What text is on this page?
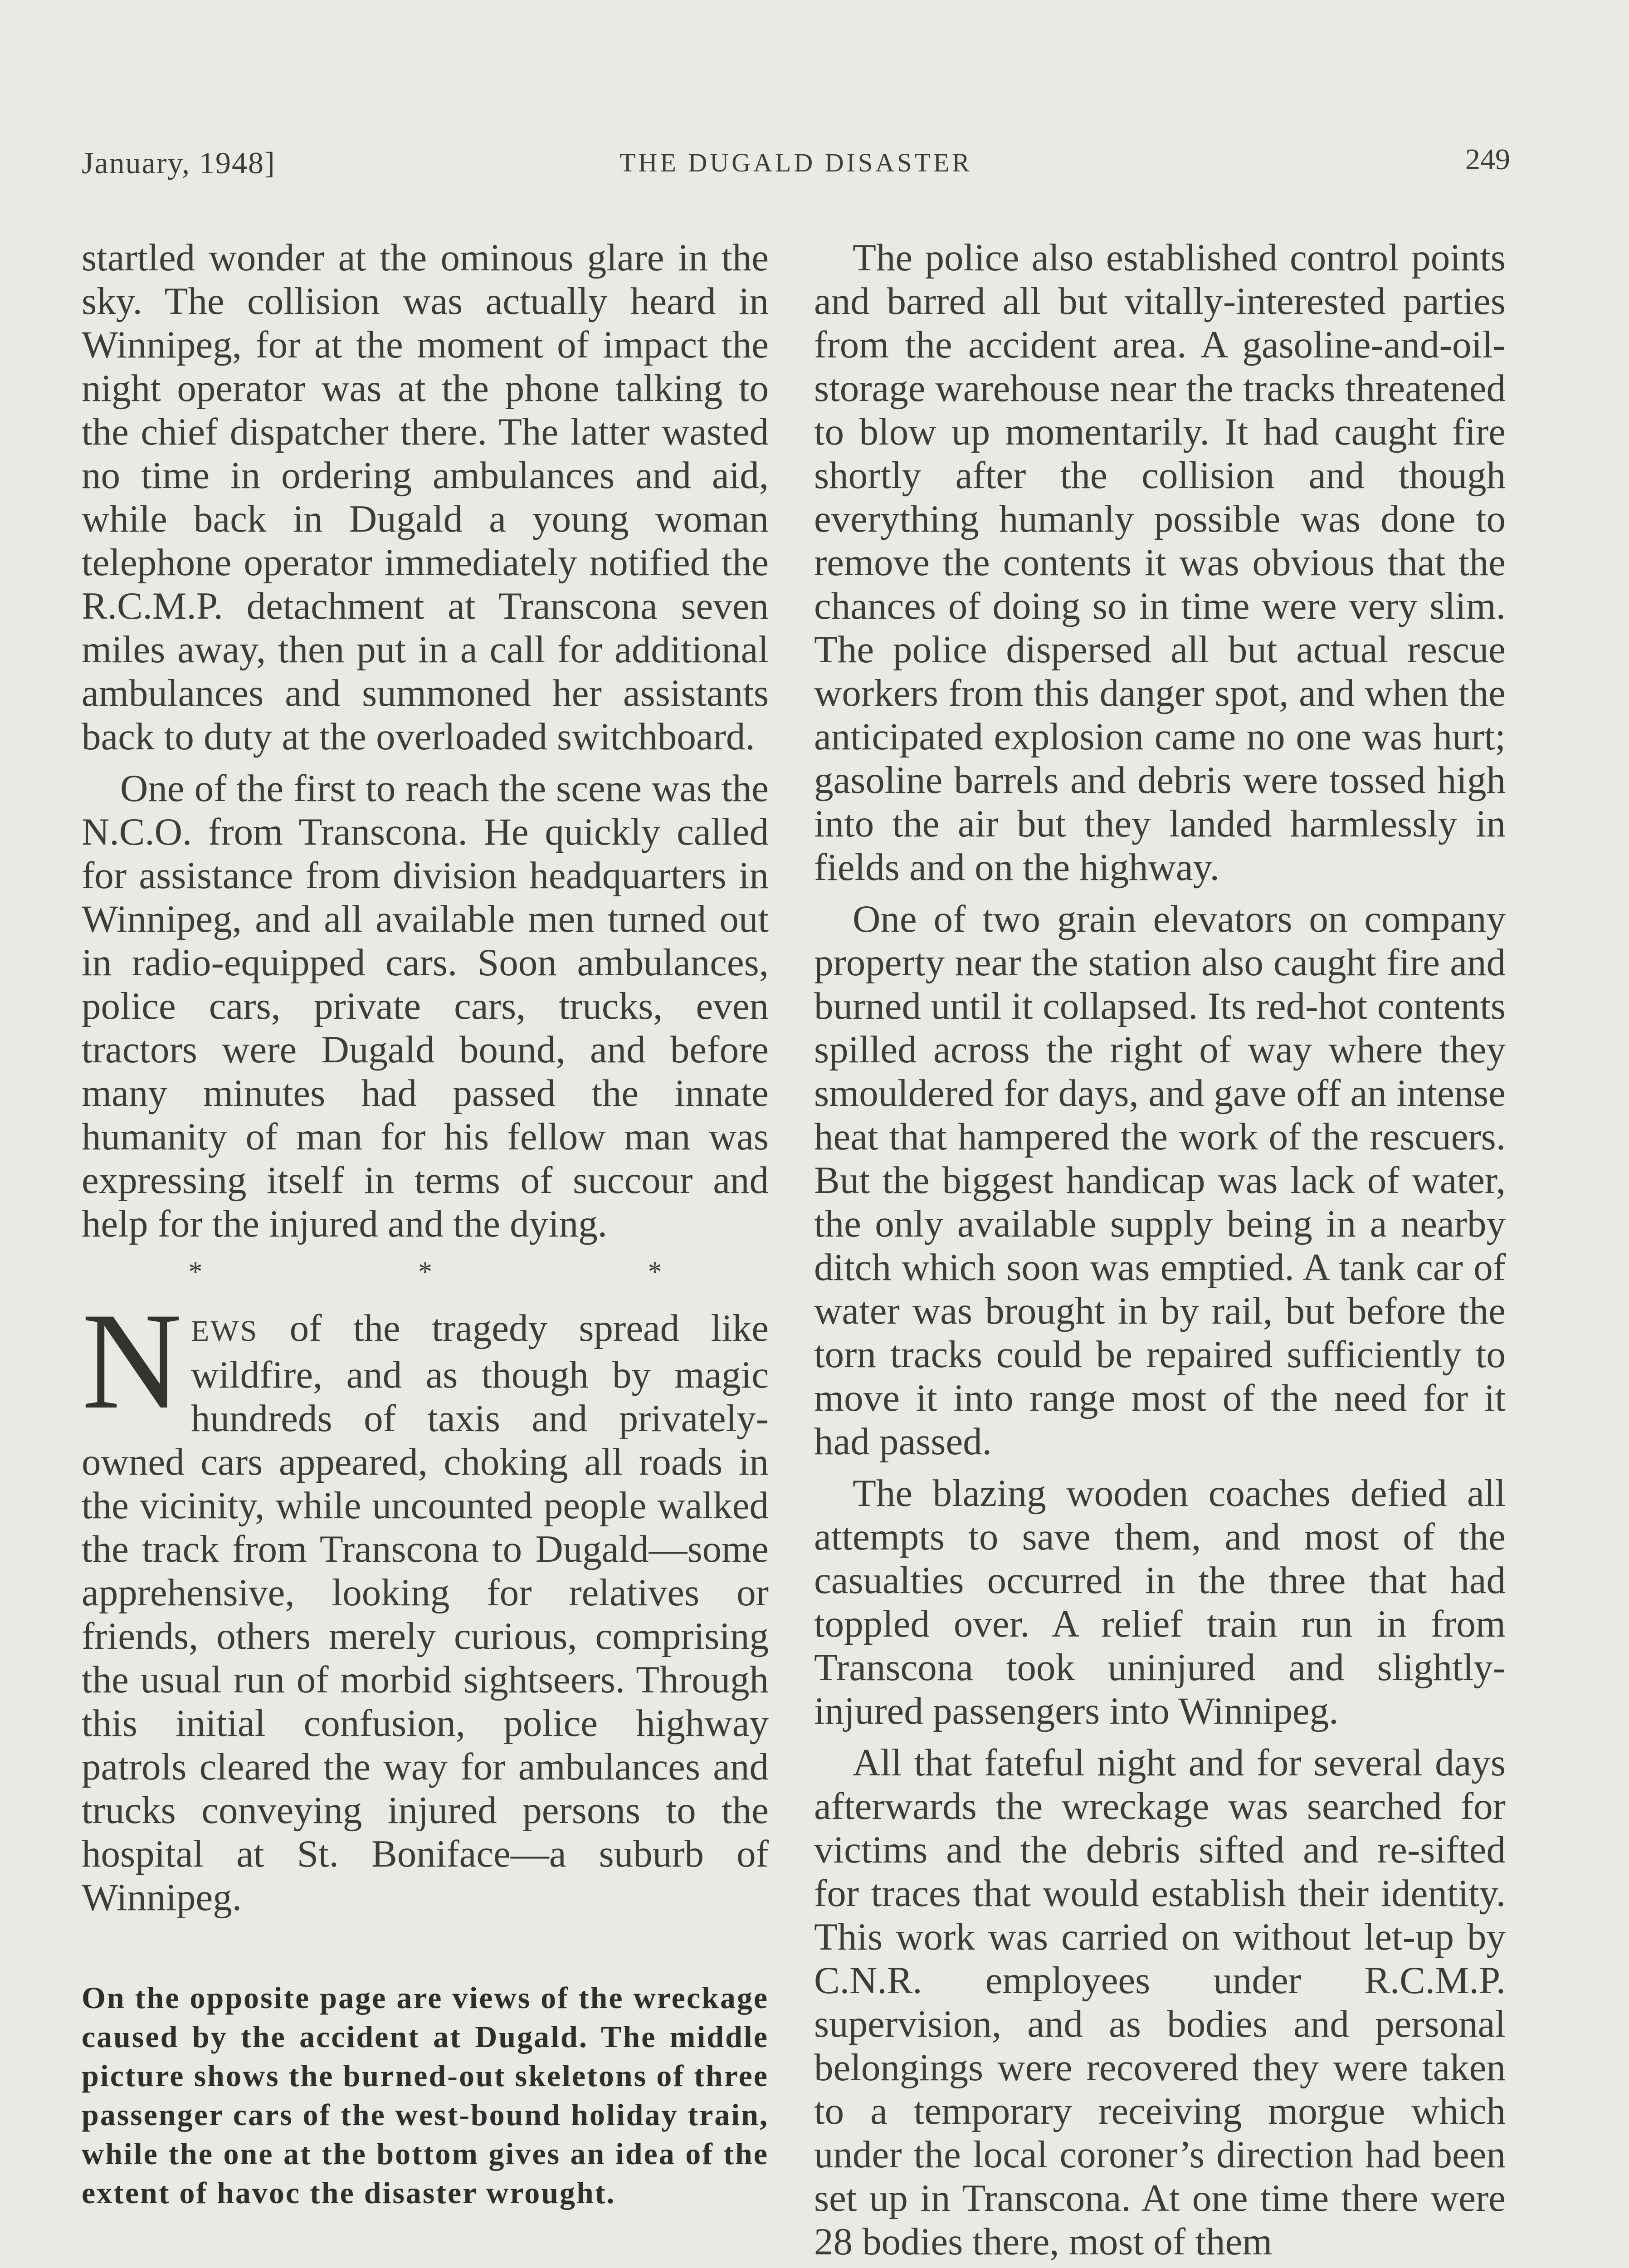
January, 1948]	THE DUGALD DISASTER	249

startled wonder at the ominous glare in the sky. The collision was actually heard in Winnipeg, for at the moment of impact the night operator was at the phone talking to the chief dispatcher there. The latter wasted no time in ordering ambulances and aid, while back in Dugald a young woman telephone operator immediately notified the R.C.M.P. detachment at Transcona seven miles away, then put in a call for additional ambulances and summoned her assistants back to duty at the overloaded switchboard.

One of the first to reach the scene was the N.C.O. from Transcona. He quickly called for assistance from division headquarters in Winnipeg, and all available men turned out in radio-equipped cars. Soon ambulances, police cars, private cars, trucks, even tractors were Dugald bound, and before many minutes had passed the innate humanity of man for his fellow man was expressing itself in terms of succour and help for the injured and the dying.

* * *

NEWS of the tragedy spread like wildfire, and as though by magic hundreds of taxis and privately-owned cars appeared, choking all roads in the vicinity, while uncounted people walked the track from Transcona to Dugald—some apprehensive, looking for relatives or friends, others merely curious, comprising the usual run of morbid sightseers. Through this initial confusion, police highway patrols cleared the way for ambulances and trucks conveying injured persons to the hospital at St. Boniface—a suburb of Winnipeg.

On the opposite page are views of the wreckage caused by the accident at Dugald. The middle picture shows the burned-out skeletons of three passenger cars of the west-bound holiday train, while the one at the bottom gives an idea of the extent of havoc the disaster wrought.

The police also established control points and barred all but vitally-interested parties from the accident area. A gasoline-and-oil-storage warehouse near the tracks threatened to blow up momentarily. It had caught fire shortly after the collision and though everything humanly possible was done to remove the contents it was obvious that the chances of doing so in time were very slim. The police dispersed all but actual rescue workers from this danger spot, and when the anticipated explosion came no one was hurt; gasoline barrels and debris were tossed high into the air but they landed harmlessly in fields and on the highway.

One of two grain elevators on company property near the station also caught fire and burned until it collapsed. Its red-hot contents spilled across the right of way where they smouldered for days, and gave off an intense heat that hampered the work of the rescuers. But the biggest handicap was lack of water, the only available supply being in a nearby ditch which soon was emptied. A tank car of water was brought in by rail, but before the torn tracks could be repaired sufficiently to move it into range most of the need for it had passed.

The blazing wooden coaches defied all attempts to save them, and most of the casualties occurred in the three that had toppled over. A relief train run in from Transcona took uninjured and slightly-injured passengers into Winnipeg.

All that fateful night and for several days afterwards the wreckage was searched for victims and the debris sifted and re-sifted for traces that would establish their identity. This work was carried on without let-up by C.N.R. employees under R.C.M.P. supervision, and as bodies and personal belongings were recovered they were taken to a temporary receiving morgue which under the local coroner’s direction had been set up in Transcona. At one time there were 28 bodies there, most of them
